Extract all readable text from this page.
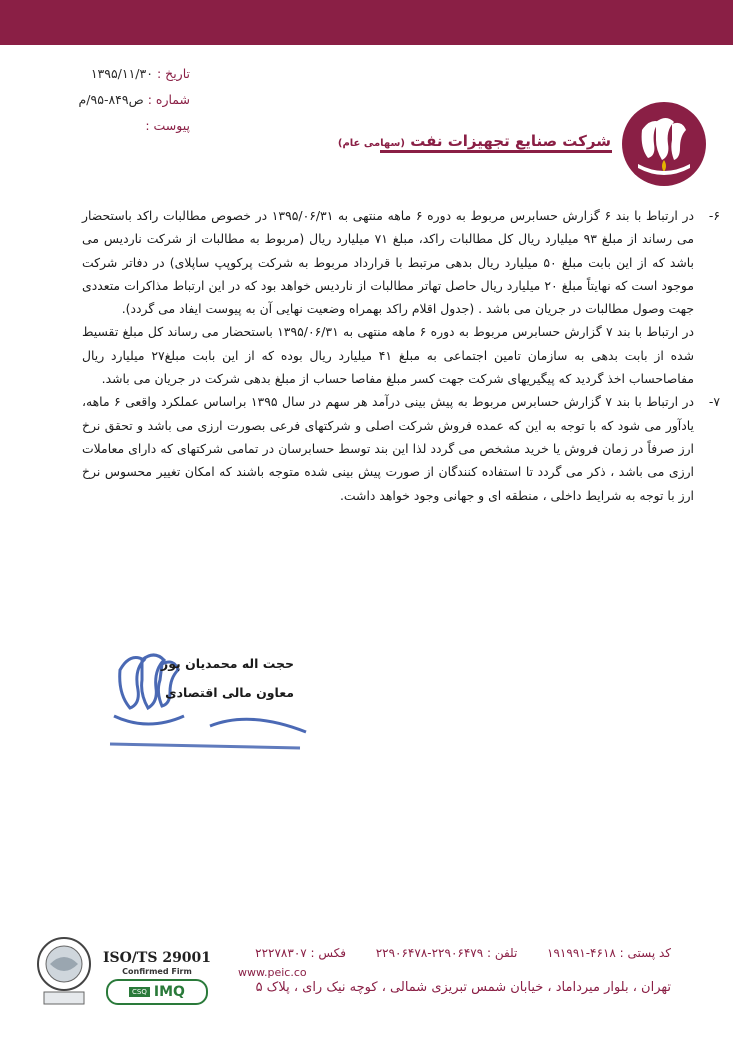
تاریخ : ۱۳۹۵/۱۱/۳۰
شماره : ص۸۴۹-۹۵/م
پیوست :
شرکت صنایع تجهیزات نفت (سهامی عام)

۶-
در ارتباط با بند ۶ گزارش حسابرس مربوط به دوره ۶ ماهه منتهی به ۱۳۹۵/۰۶/۳۱ در خصوص مطالبات راکد باستحضار می رساند از مبلغ ۹۳ میلیارد ریال کل مطالبات راکد، مبلغ ۷۱ میلیارد ریال (مربوط به مطالبات از شرکت ناردیس می باشد که از این بابت مبلغ ۵۰ میلیارد ریال بدهی مرتبط با قرارداد مربوط به شرکت پرکوپپ ساپلای) در دفاتر شرکت موجود است که نهایتاً مبلغ ۲۰ میلیارد ریال حاصل تهاتر مطالبات از ناردیس خواهد بود که در این ارتباط مذاکرات متعددی جهت وصول مطالبات در جریان می باشد . (جدول اقلام راکد بهمراه وضعیت نهایی آن به پیوست ایفاد می گردد).

در ارتباط با بند ۷ گزارش حسابرس مربوط به دوره ۶ ماهه منتهی به ۱۳۹۵/۰۶/۳۱ باستحضار می رساند کل مبلغ تقسیط شده از بابت بدهی به سازمان تامین اجتماعی به مبلغ ۴۱ میلیارد ریال بوده که از این بابت مبلغ۲۷ میلیارد ریال مفاصاحساب اخذ گردید که پیگیریهای شرکت جهت کسر مبلغ مفاصا حساب از مبلغ بدهی شرکت در جریان می باشد.

۷-
در ارتباط با بند ۷ گزارش حسابرس مربوط به پیش بینی درآمد هر سهم در سال ۱۳۹۵ براساس عملکرد واقعی ۶ ماهه، یادآور می شود که با توجه به این که عمده فروش شرکت اصلی و شرکتهای فرعی بصورت ارزی می باشد و تحقق نرخ ارز صرفاً در زمان فروش یا خرید مشخص می گردد لذا این بند توسط حسابرسان در تمامی شرکتهای که دارای معاملات ارزی می باشد ، ذکر می گردد تا استفاده کنندگان از صورت پیش بینی شده متوجه باشند که امکان تغییر محسوس نرخ ارز با توجه به شرایط داخلی ، منطقه ای و جهانی وجود خواهد داشت.

حجت اله محمدیان پور
معاون مالی اقتصادی
ISO/TS 29001
Confirmed Firm
CSQ IMQ
کد پستی : ۴۶۱۸-۱۹۱۹۹۱  تلفن : ۲۲۹۰۶۴۷۹-۲۲۹۰۶۴۷۸  فکس : ۲۲۲۷۸۳۰۷
www.peic.co
تهران ، بلوار میرداماد ، خیابان شمس تبریزی شمالی ، کوچه نیک رای ، پلاک ۵
